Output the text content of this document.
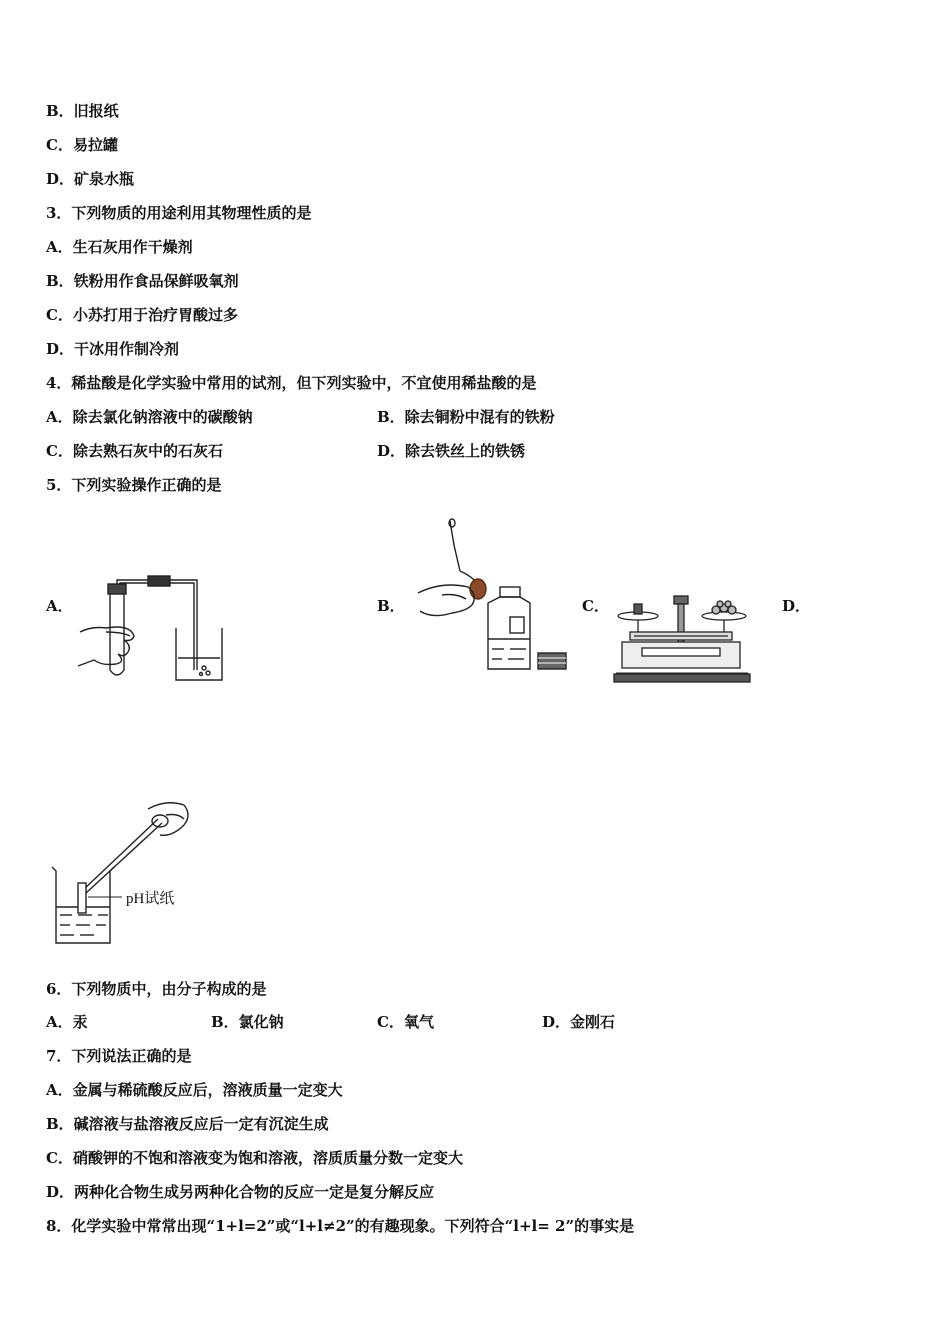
B．旧报纸
C．易拉罐
D．矿泉水瓶
3．下列物质的用途利用其物理性质的是
A．生石灰用作干燥剂
B．铁粉用作食品保鲜吸氧剂
C．小苏打用于治疗胃酸过多
D．干冰用作制冷剂
4．稀盐酸是化学实验中常用的试剂，但下列实验中，不宜使用稀盐酸的是
A．除去氯化钠溶液中的碳酸钠	B．除去铜粉中混有的铁粉
C．除去熟石灰中的石灰石	D．除去铁丝上的铁锈
5．下列实验操作正确的是
A．	B．	C．	D．
pH试纸
6．下列物质中，由分子构成的是
A．汞	B．氯化钠	C．氧气	D．金刚石
7．下列说法正确的是
A．金属与稀硫酸反应后，溶液质量一定变大
B．碱溶液与盐溶液反应后一定有沉淀生成
C．硝酸钾的不饱和溶液变为饱和溶液，溶质质量分数一定变大
D．两种化合物生成另两种化合物的反应一定是复分解反应
8．化学实验中常常出现“1+l=2”或“l+l≠2”的有趣现象。下列符合“l+l= 2”的事实是
